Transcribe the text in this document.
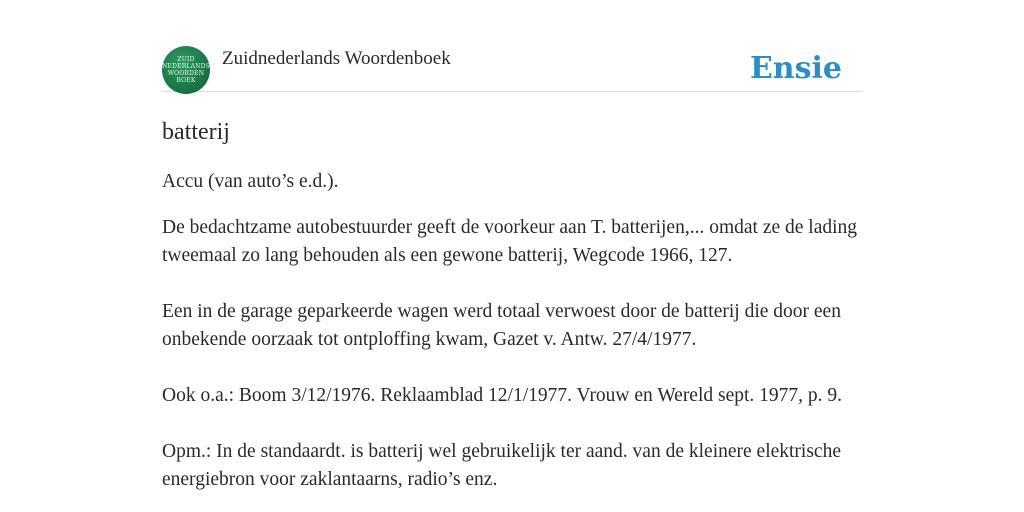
ZUID
NEDERLANDS
WOORDEN
BOEK
Zuidnederlands Woordenboek	Ensie
batterij

Accu (van auto’s e.d.).

De bedachtzame autobestuurder geeft de voorkeur aan T. batterijen,... omdat ze de lading tweemaal zo lang behouden als een gewone batterij, Wegcode 1966, 127.

Een in de garage geparkeerde wagen werd totaal verwoest door de batterij die door een onbekende oorzaak tot ontploffing kwam, Gazet v. Antw. 27/4/1977.

Ook o.a.: Boom 3/12/1976. Reklaamblad 12/1/1977. Vrouw en Wereld sept. 1977, p. 9.

Opm.: In de standaardt. is batterij wel gebruikelijk ter aand. van de kleinere elektrische energiebron voor zaklantaarns, radio’s enz.
